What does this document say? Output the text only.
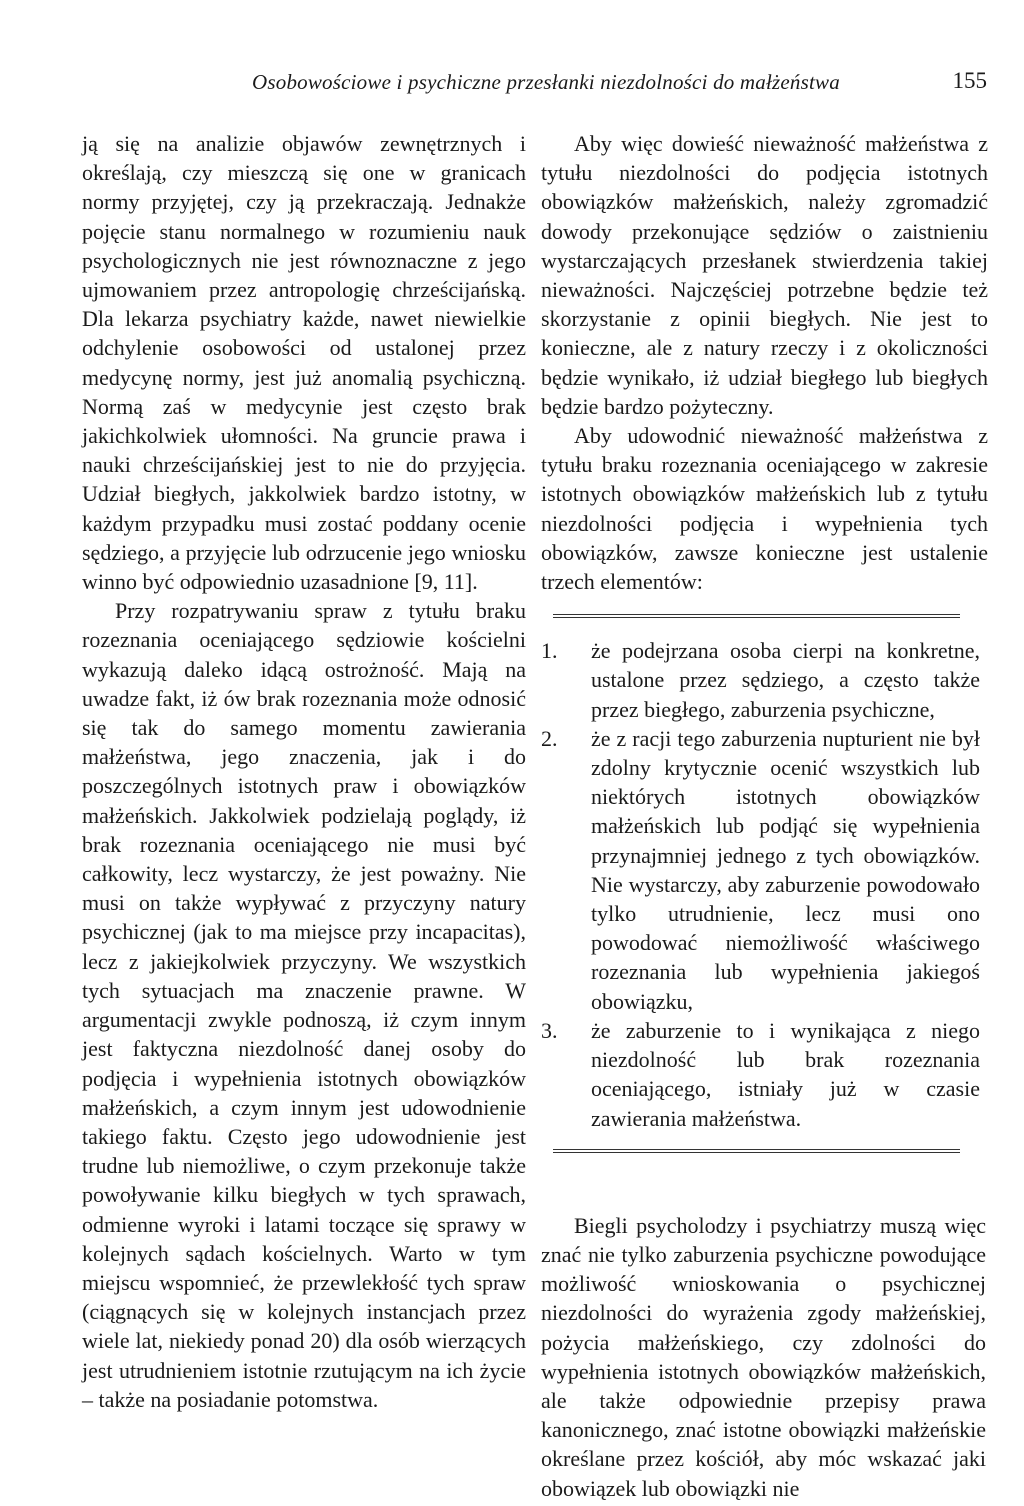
Osobowościowe i psychiczne przesłanki niezdolności do małżeństwa	155

ją się na analizie objawów zewnętrznych i określają, czy mieszczą się one w granicach normy przyjętej, czy ją przekraczają. Jednakże pojęcie stanu normalnego w rozumieniu nauk psychologicznych nie jest równoznaczne z jego ujmowaniem przez antropologię chrześcijańską. Dla lekarza psychiatry każde, nawet niewielkie odchylenie osobowości od ustalonej przez medycynę normy, jest już anomalią psychiczną. Normą zaś w medycynie jest często brak jakichkolwiek ułomności. Na gruncie prawa i nauki chrześcijańskiej jest to nie do przyjęcia. Udział biegłych, jakkolwiek bardzo istotny, w każdym przypadku musi zostać poddany ocenie sędziego, a przyjęcie lub odrzucenie jego wniosku winno być odpowiednio uzasadnione [9, 11].

Przy rozpatrywaniu spraw z tytułu braku rozeznania oceniającego sędziowie kościelni wykazują daleko idącą ostrożność. Mają na uwadze fakt, iż ów brak rozeznania może odnosić się tak do samego momentu zawierania małżeństwa, jego znaczenia, jak i do poszczególnych istotnych praw i obowiązków małżeńskich. Jakkolwiek podzielają poglądy, iż brak rozeznania oceniającego nie musi być całkowity, lecz wystarczy, że jest poważny. Nie musi on także wypływać z przyczyny natury psychicznej (jak to ma miejsce przy incapacitas), lecz z jakiejkolwiek przyczyny. We wszystkich tych sytuacjach ma znaczenie prawne. W argumentacji zwykle podnoszą, iż czym innym jest faktyczna niezdolność danej osoby do podjęcia i wypełnienia istotnych obowiązków małżeńskich, a czym innym jest udowodnienie takiego faktu. Często jego udowodnienie jest trudne lub niemożliwe, o czym przekonuje także powoływanie kilku biegłych w tych sprawach, odmienne wyroki i latami toczące się sprawy w kolejnych sądach kościelnych. Warto w tym miejscu wspomnieć, że przewlekłość tych spraw (ciągnących się w kolejnych instancjach przez wiele lat, niekiedy ponad 20) dla osób wierzących jest utrudnieniem istotnie rzutującym na ich życie – także na posiadanie potomstwa.

Aby więc dowieść nieważność małżeństwa z tytułu niezdolności do podjęcia istotnych obowiązków małżeńskich, należy zgromadzić dowody przekonujące sędziów o zaistnieniu wystarczających przesłanek stwierdzenia takiej nieważności. Najczęściej potrzebne będzie też skorzystanie z opinii biegłych. Nie jest to konieczne, ale z natury rzeczy i z okoliczności będzie wynikało, iż udział biegłego lub biegłych będzie bardzo pożyteczny.

Aby udowodnić nieważność małżeństwa z tytułu braku rozeznania oceniającego w zakresie istotnych obowiązków małżeńskich lub z tytułu niezdolności podjęcia i wypełnienia tych obowiązków, zawsze konieczne jest ustalenie trzech elementów:

1. że podejrzana osoba cierpi na konkretne, ustalone przez sędziego, a często także przez biegłego, zaburzenia psychiczne,
2. że z racji tego zaburzenia nupturient nie był zdolny krytycznie ocenić wszystkich lub niektórych istotnych obowiązków małżeńskich lub podjąć się wypełnienia przynajmniej jednego z tych obowiązków. Nie wystarczy, aby zaburzenie powodowało tylko utrudnienie, lecz musi ono powodować niemożliwość właściwego rozeznania lub wypełnienia jakiegoś obowiązku,
3. że zaburzenie to i wynikająca z niego niezdolność lub brak rozeznania oceniającego, istniały już w czasie zawierania małżeństwa.

Biegli psycholodzy i psychiatrzy muszą więc znać nie tylko zaburzenia psychiczne powodujące możliwość wnioskowania o psychicznej niezdolności do wyrażenia zgody małżeńskiej, pożycia małżeńskiego, czy zdolności do wypełnienia istotnych obowiązków małżeńskich, ale także odpowiednie przepisy prawa kanonicznego, znać istotne obowiązki małżeńskie określane przez kościół, aby móc wskazać jaki obowiązek lub obowiązki nie
